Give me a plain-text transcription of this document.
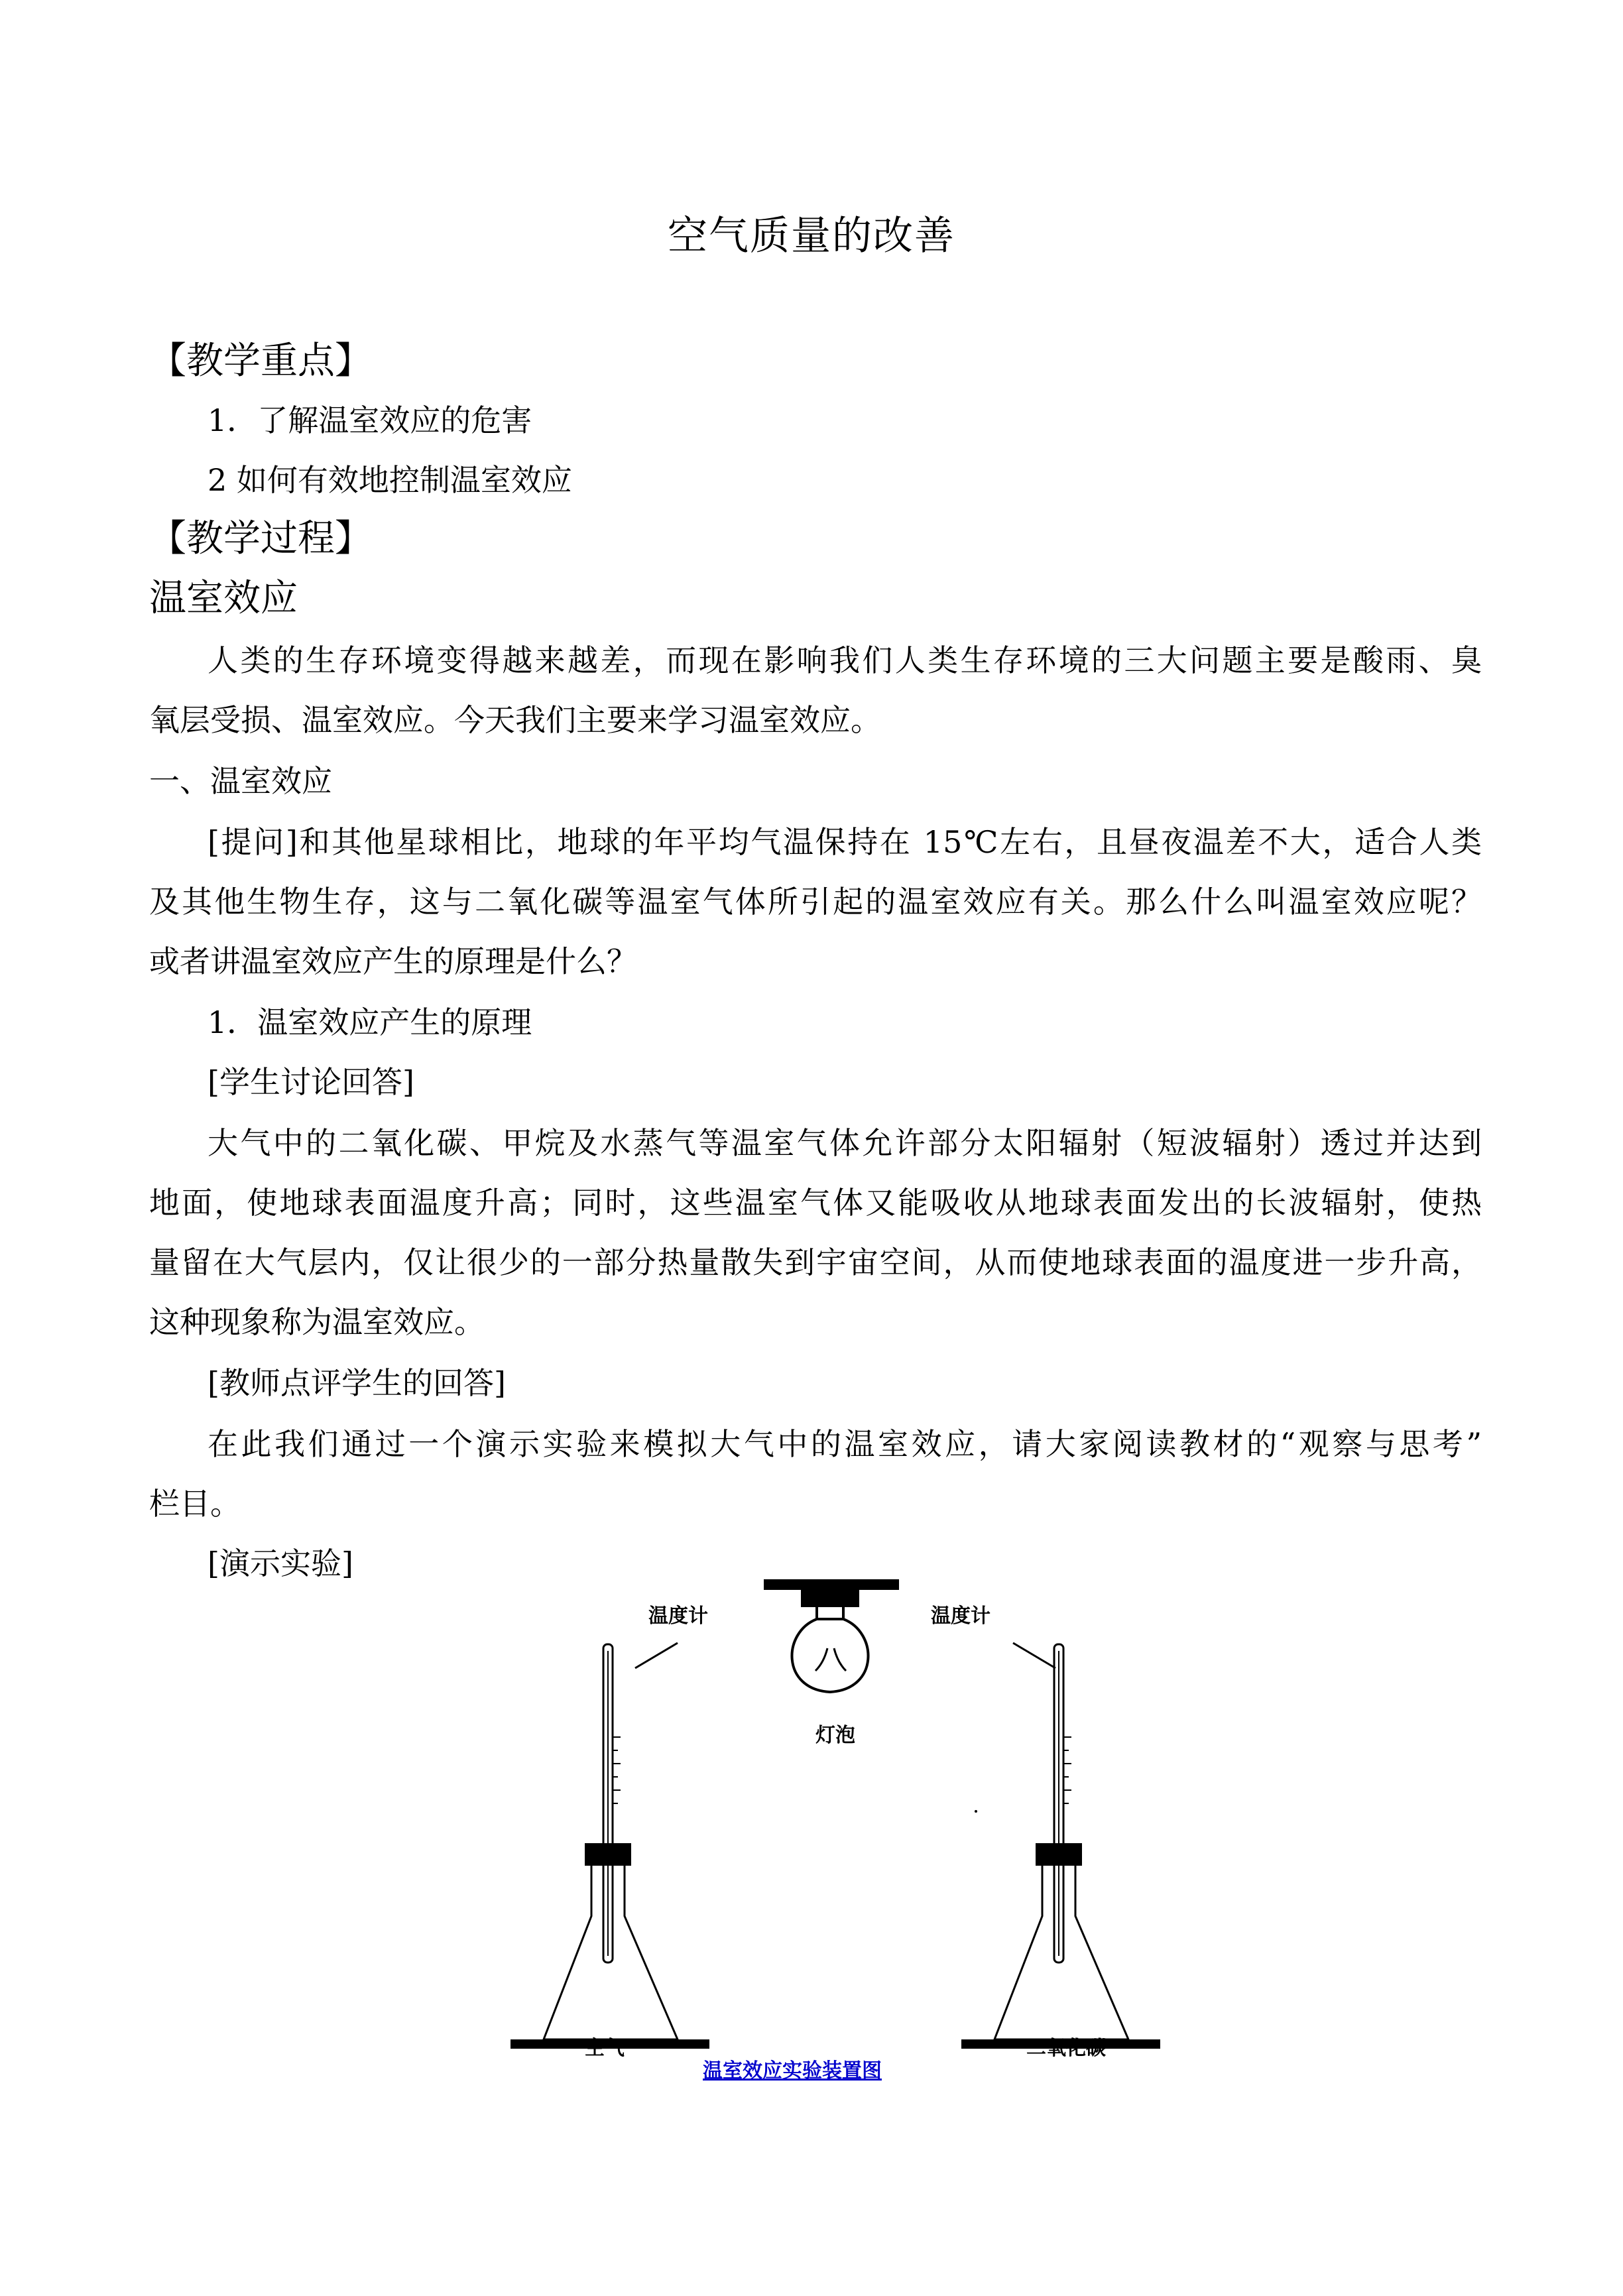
空气质量的改善
【教学重点】
1．了解温室效应的危害
2 如何有效地控制温室效应
【教学过程】
温室效应
人类的生存环境变得越来越差，而现在影响我们人类生存环境的三大问题主要是酸雨、臭
氧层受损、温室效应。今天我们主要来学习温室效应。
一、温室效应
[提问]和其他星球相比，地球的年平均气温保持在 15℃左右，且昼夜温差不大，适合人类
及其他生物生存，这与二氧化碳等温室气体所引起的温室效应有关。那么什么叫温室效应呢？
或者讲温室效应产生的原理是什么？
1．温室效应产生的原理
[学生讨论回答]
大气中的二氧化碳、甲烷及水蒸气等温室气体允许部分太阳辐射（短波辐射）透过并达到
地面，使地球表面温度升高；同时，这些温室气体又能吸收从地球表面发出的长波辐射，使热
量留在大气层内，仅让很少的一部分热量散失到宇宙空间，从而使地球表面的温度进一步升高，
这种现象称为温室效应。
[教师点评学生的回答]
在此我们通过一个演示实验来模拟大气中的温室效应，请大家阅读教材的“观察与思考”
栏目。
[演示实验]
温度计	温度计
灯泡
空气	二氧化碳
温室效应实验装置图
